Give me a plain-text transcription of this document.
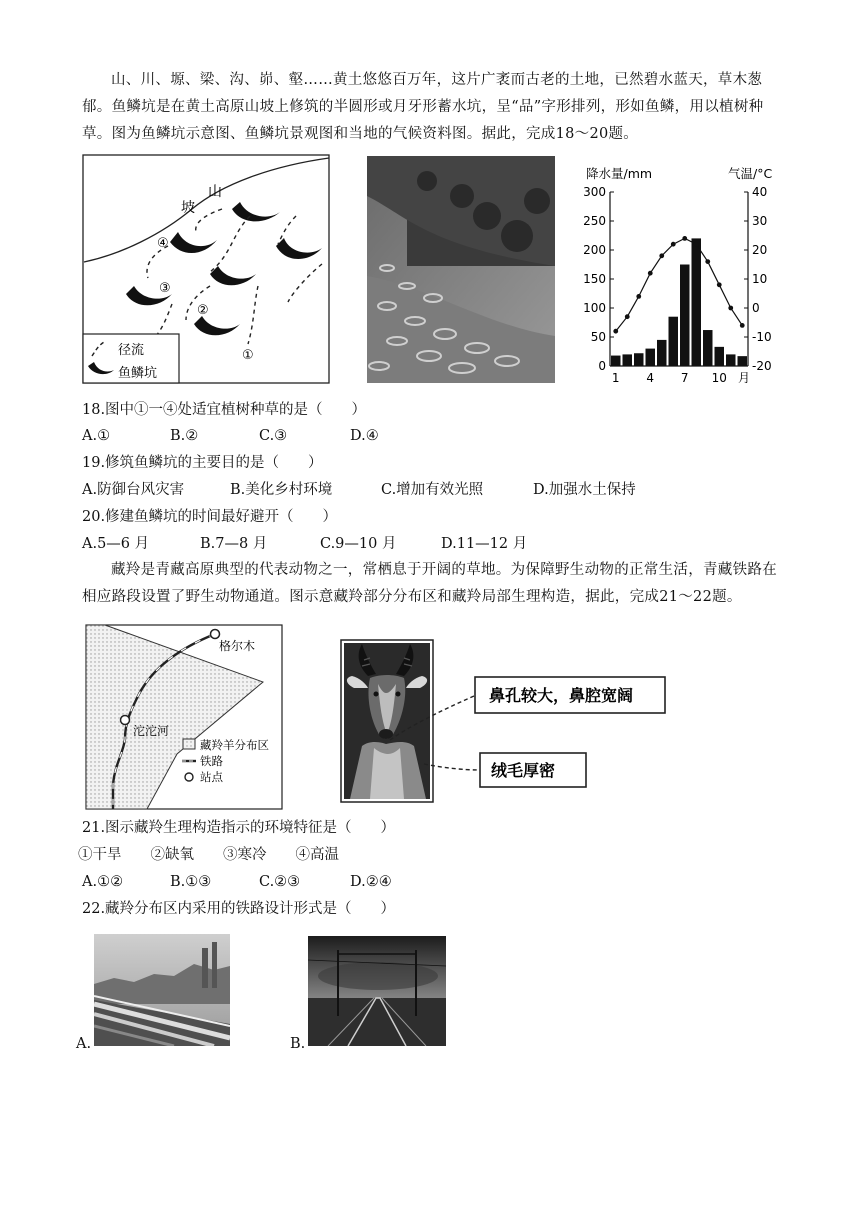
山、川、塬、梁、沟、峁、壑……黄土悠悠百万年，这片广袤而古老的土地，已然碧水蓝天，草木葱郁。鱼鳞坑是在黄土高原山坡上修筑的半圆形或月牙形蓄水坑，呈“品”字形排列，形如鱼鳞，用以植树种草。图为鱼鳞坑示意图、鱼鳞坑景观图和当地的气候资料图。据此，完成18～20题。
山
坡
④
③
②
①
径流
鱼鳞坑
降水量/mm	气温/°C
0
50
100
150
200
250
300
-20
-10
0
10
20
30
40
1 4 7 10 月
18.图中①一④处适宜植树种草的是（　　）
A.①	B.②	C.③	D.④
19.修筑鱼鳞坑的主要目的是（　　）
A.防御台风灾害	B.美化乡村环境	C.增加有效光照	D.加强水土保持
20.修建鱼鳞坑的时间最好避开（　　）
A.5—6 月	B.7—8 月	C.9—10 月	D.11—12 月
藏羚是青藏高原典型的代表动物之一，常栖息于开阔的草地。为保障野生动物的正常生活，青藏铁路在相应路段设置了野生动物通道。图示意藏羚部分分布区和藏羚局部生理构造，据此，完成21～22题。
格尔木
沱沱河
藏羚羊分布区
铁路
站点
鼻孔较大，鼻腔宽阔
绒毛厚密
21.图示藏羚生理构造指示的环境特征是（　　）
①干旱　　②缺氧　　③寒冷　　④高温
A.①②	B.①③	C.②③	D.②④
22.藏羚分布区内采用的铁路设计形式是（　　）
A.	B.
